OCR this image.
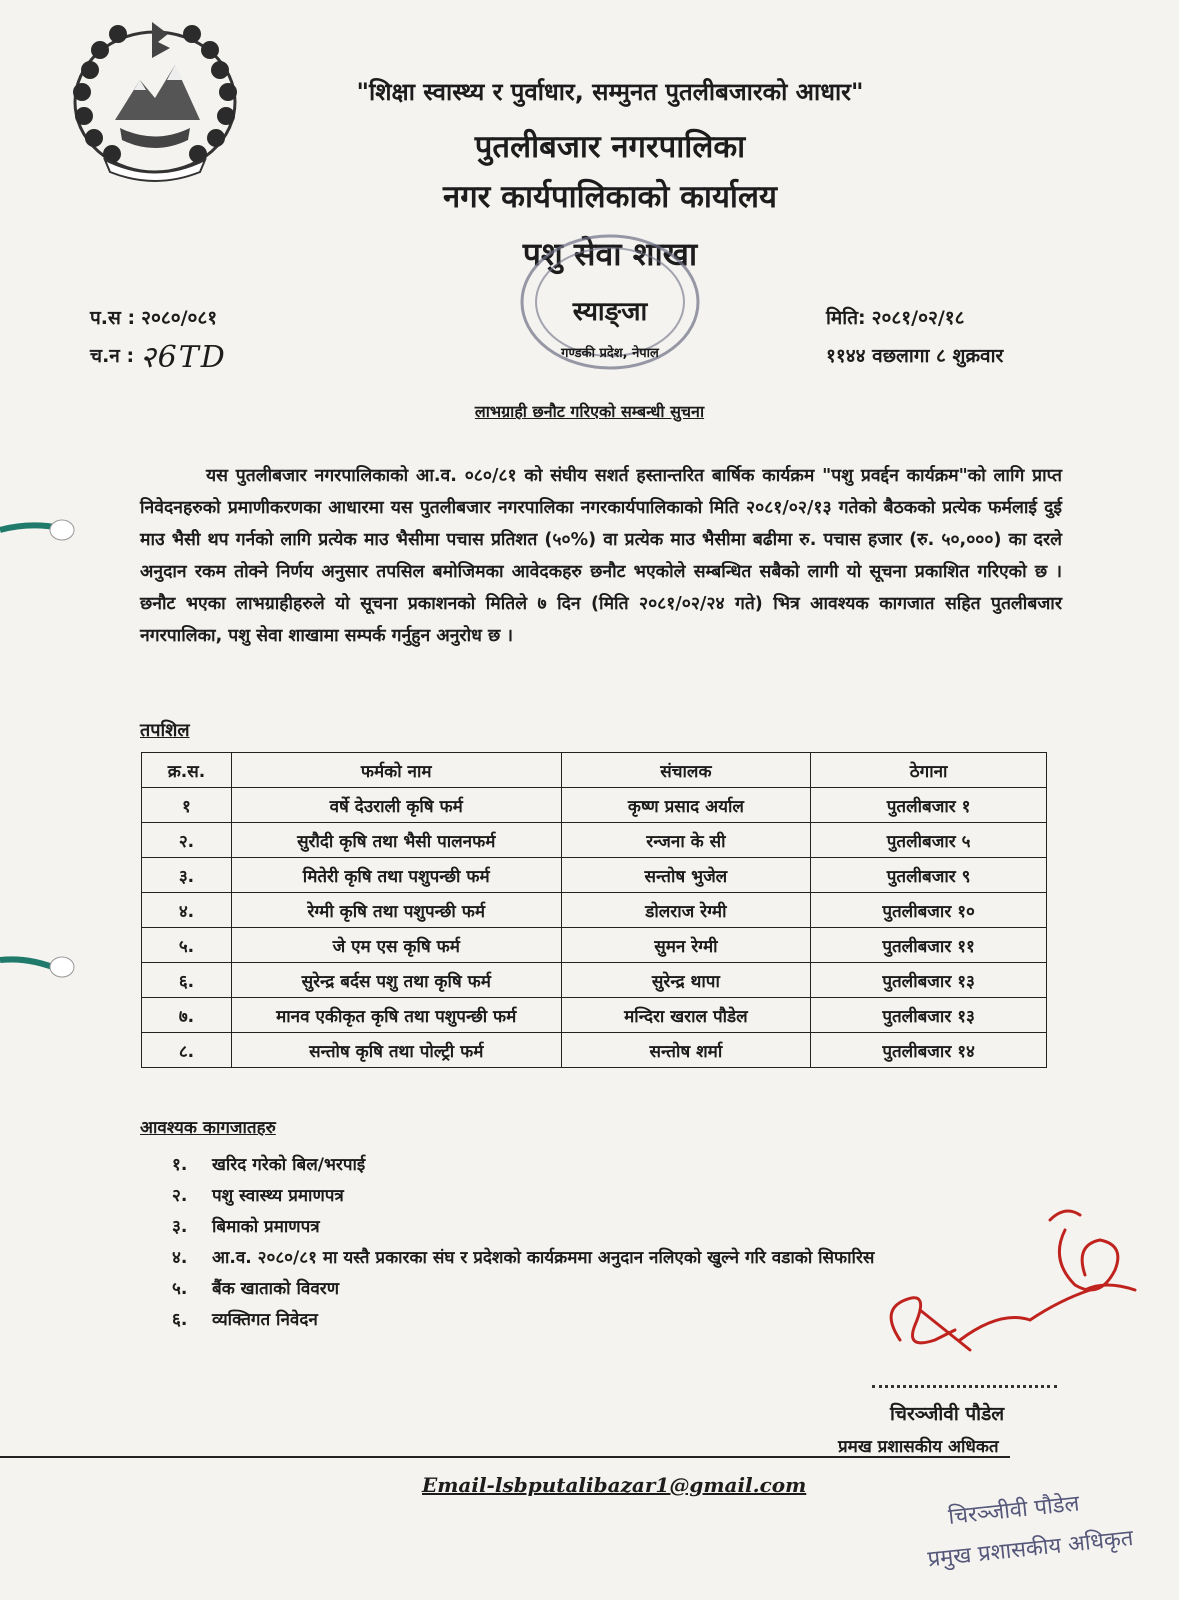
"शिक्षा स्वास्थ्य र पुर्वाधार, सम्मुनत पुतलीबजारको आधार"
पुतलीबजार नगरपालिका
नगर कार्यपालिकाको कार्यालय
पशु सेवा शाखा
स्याङ्जा
गण्डकी प्रदेश, नेपाल
प.स : २०८०/०८१
च.न : २6TD
मिति: २०८१/०२/१८
११४४ वछलागा ८ शुक्रवार
लाभग्राही छनौट गरिएको सम्बन्धी सुचना
यस पुतलीबजार नगरपालिकाको आ.व. ०८०/८१ को संघीय सशर्त हस्तान्तरित बार्षिक कार्यक्रम "पशु प्रवर्द्दन कार्यक्रम"को लागि प्राप्त निवेदनहरुको प्रमाणीकरणका आधारमा यस पुतलीबजार नगरपालिका नगरकार्यपालिकाको मिति २०८१/०२/१३ गतेको बैठकको प्रत्येक फर्मलाई दुई माउ भैसी थप गर्नको लागि प्रत्येक माउ भैसीमा पचास प्रतिशत (५०%) वा प्रत्येक माउ भैसीमा बढीमा रु. पचास हजार (रु. ५०,०००) का दरले अनुदान रकम तोक्ने निर्णय अनुसार तपसिल बमोजिमका आवेदकहरु छनौट भएकोले सम्बन्धित सबैको लागी यो सूचना प्रकाशित गरिएको छ । छनौट भएका लाभग्राहीहरुले यो सूचना प्रकाशनको मितिले ७ दिन (मिति २०८१/०२/२४ गते) भित्र आवश्यक कागजात सहित पुतलीबजार नगरपालिका, पशु सेवा शाखामा सम्पर्क गर्नुहुन अनुरोध छ ।
तपशिल
क्र.स.	फर्मको नाम	संचालक	ठेगाना
१	वर्षे देउराली कृषि फर्म	कृष्ण प्रसाद अर्याल	पुतलीबजार १
२.	सुरौदी कृषि तथा भैसी पालनफर्म	रन्जना के सी	पुतलीबजार ५
३.	मितेरी कृषि तथा पशुपन्छी फर्म	सन्तोष भुजेल	पुतलीबजार ९
४.	रेग्मी कृषि तथा पशुपन्छी फर्म	डोलराज रेग्मी	पुतलीबजार १०
५.	जे एम एस कृषि फर्म	सुमन रेग्मी	पुतलीबजार ११
६.	सुरेन्द्र बर्दस पशु तथा कृषि फर्म	सुरेन्द्र थापा	पुतलीबजार १३
७.	मानव एकीकृत कृषि तथा पशुपन्छी फर्म	मन्दिरा खराल पौडेल	पुतलीबजार १३
८.	सन्तोष कृषि तथा पोल्ट्री फर्म	सन्तोष शर्मा	पुतलीबजार १४
आवश्यक कागजातहरु
१.	खरिद गरेको बिल/भरपाई
२.	पशु स्वास्थ्य प्रमाणपत्र
३.	बिमाको प्रमाणपत्र
४.	आ.व. २०८०/८१ मा यस्तै प्रकारका संघ र प्रदेशको कार्यक्रममा अनुदान नलिएको खुल्ने गरि वडाको सिफारिस
५.	बैंक खाताको विवरण
६.	व्यक्तिगत निवेदन
चिरञ्जीवी पौडेल
प्रमख प्रशासकीय अधिकत
Email-lsbputalibazar1@gmail.com
चिरञ्जीवी पौडेल
प्रमुख प्रशासकीय अधिकृत
